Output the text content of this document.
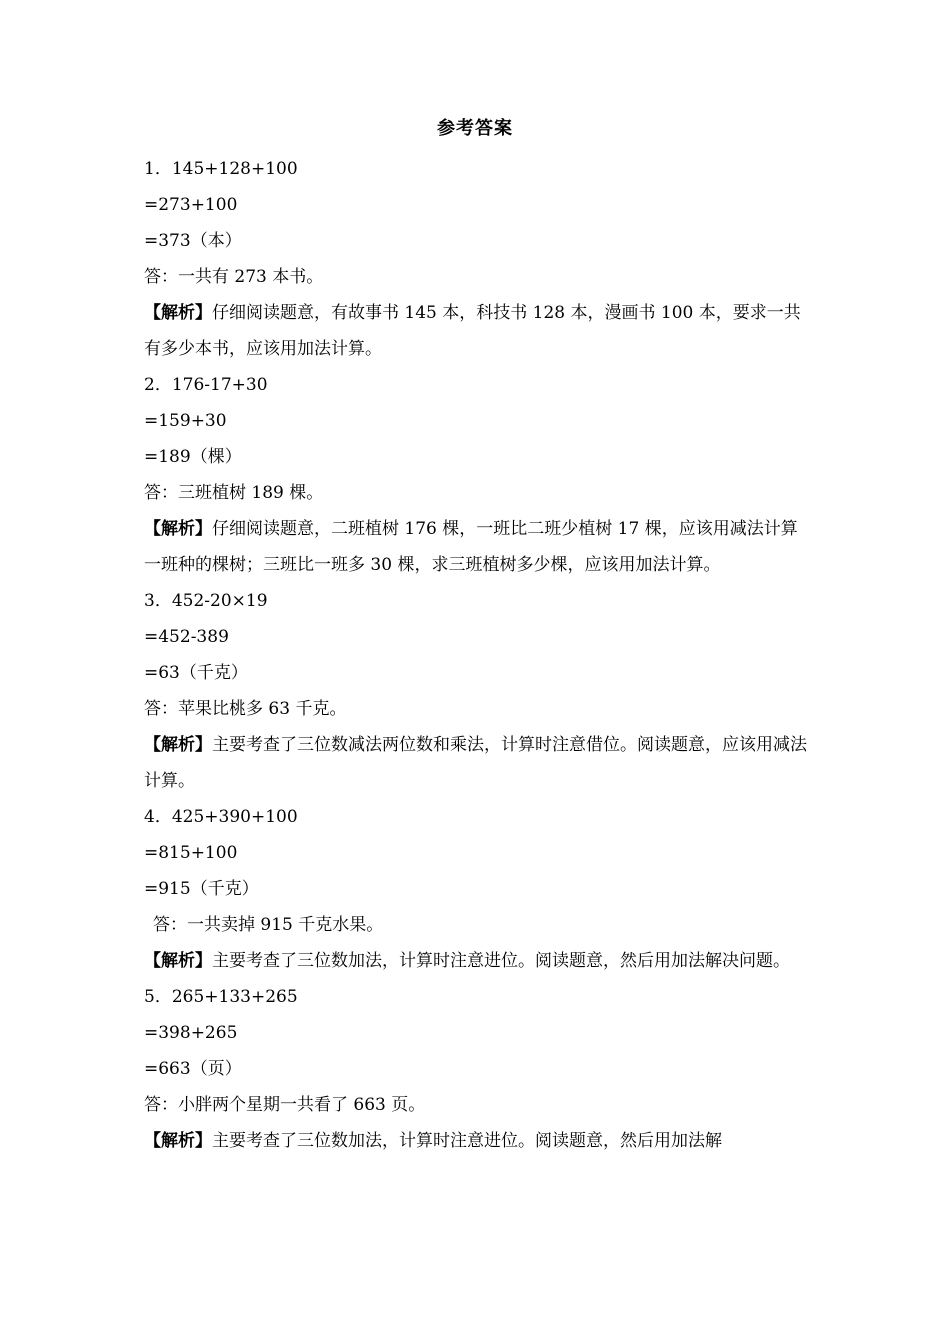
参考答案
1．145+128+100
=273+100
=373（本）
答：一共有 273 本书。
【解析】仔细阅读题意，有故事书 145 本，科技书 128 本，漫画书 100 本，要求一共有多少本书，应该用加法计算。
2．176-17+30
=159+30
=189（棵）
答：三班植树 189 棵。
【解析】仔细阅读题意，二班植树 176 棵，一班比二班少植树 17 棵，应该用减法计算一班种的棵树；三班比一班多 30 棵，求三班植树多少棵，应该用加法计算。
3．452-20×19
=452-389
=63（千克）
答：苹果比桃多 63 千克。
【解析】主要考查了三位数减法两位数和乘法，计算时注意借位。阅读题意，应该用减法计算。
4．425+390+100
=815+100
=915（千克）
答：一共卖掉 915 千克水果。
【解析】主要考查了三位数加法，计算时注意进位。阅读题意，然后用加法解决问题。
5．265+133+265
=398+265
=663（页）
答：小胖两个星期一共看了 663 页。
【解析】主要考查了三位数加法，计算时注意进位。阅读题意，然后用加法解
